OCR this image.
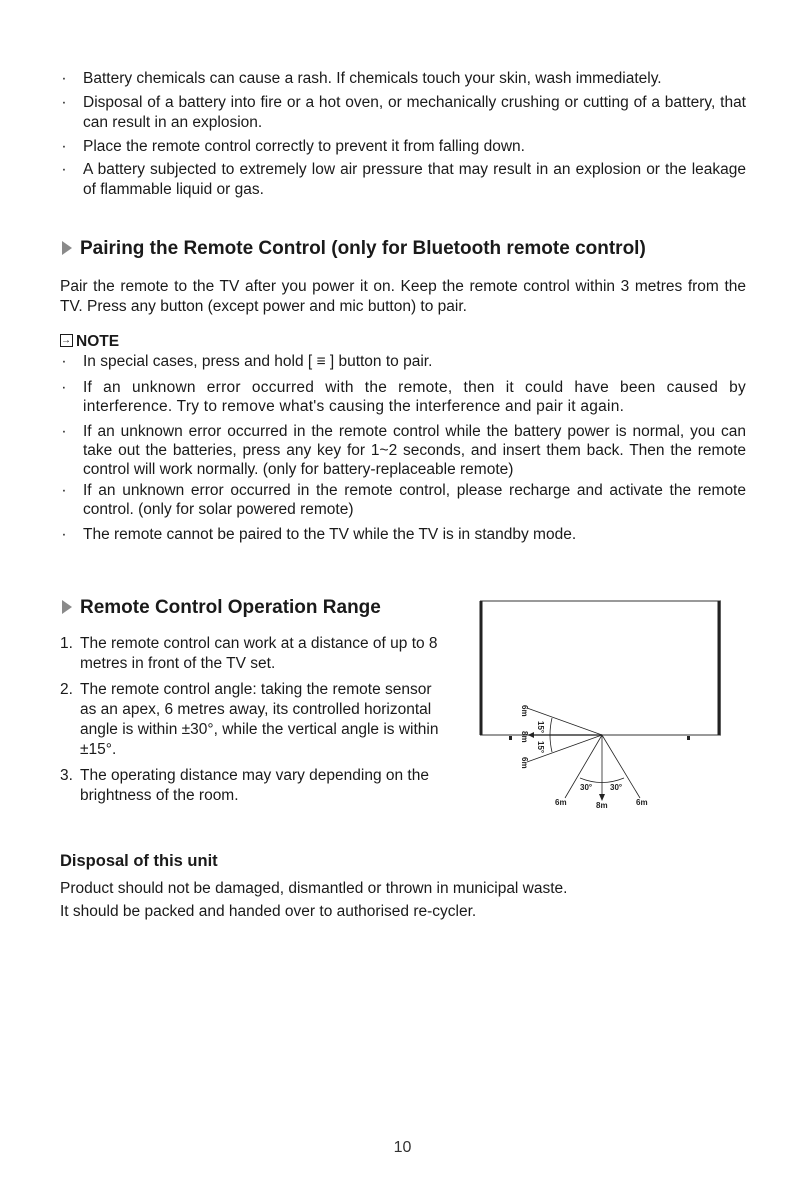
· Battery chemicals can cause a rash. If chemicals touch your skin, wash immediately.
· Disposal of a battery into fire or a hot oven, or mechanically crushing or cutting of a battery, that can result in an explosion.
· Place the remote control correctly to prevent it from falling down.
· A battery subjected to extremely low air pressure that may result in an explosion or the leakage of flammable liquid or gas.
Pairing the Remote Control (only for Bluetooth remote control)
Pair the remote to the TV after you power it on. Keep the remote control within 3 metres from the TV. Press any button (except power and mic button) to pair.
→ NOTE
· In special cases, press and hold [ ≡ ] button to pair.
· If an unknown error occurred with the remote, then it could have been caused by interference. Try to remove what's causing the interference and pair it again.
· If an unknown error occurred in the remote control while the battery power is normal, you can take out the batteries, press any key for 1~2 seconds, and insert them back. Then the remote control will work normally. (only for battery-replaceable remote)
· If an unknown error occurred in the remote control, please recharge and activate the remote control. (only for solar powered remote)
· The remote cannot be paired to the TV while the TV is in standby mode.
Remote Control Operation Range
1. The remote control can work at a distance of up to 8 metres in front of the TV set.
2. The remote control angle: taking the remote sensor as an apex, 6 metres away, its controlled horizontal angle is within ±30°, while the vertical angle is within ±15°.
3. The operating distance may vary depending on the brightness of the room.
6m
8m
6m
15°
15°
30° 30°
6m	8m	6m
Disposal of this unit
Product should not be damaged, dismantled or thrown in municipal waste.
It should be packed and handed over to authorised re-cycler.
10
